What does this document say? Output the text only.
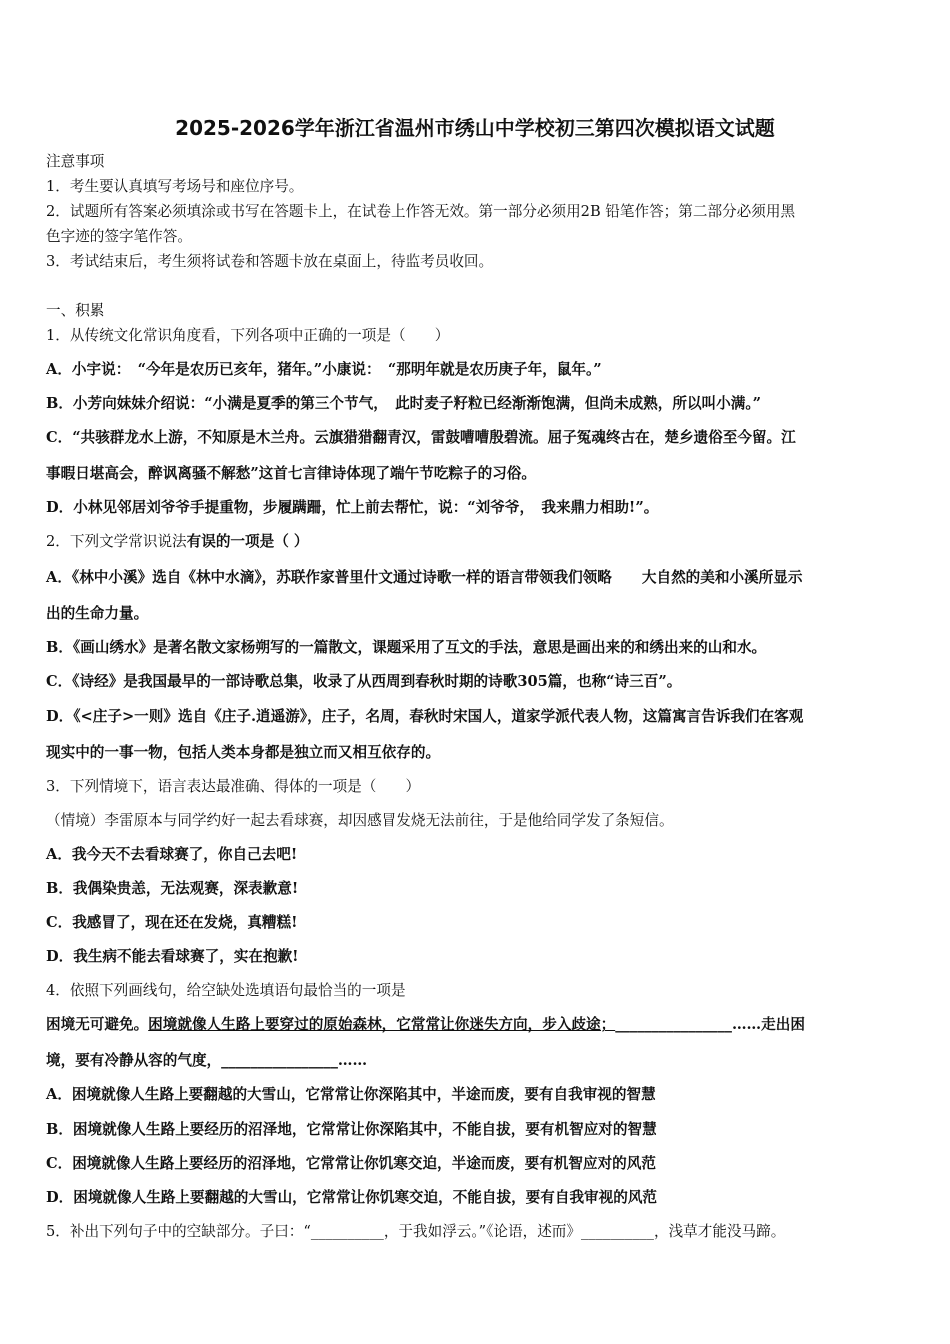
2025-2026学年浙江省温州市绣山中学校初三第四次模拟语文试题
注意事项
1．考生要认真填写考场号和座位序号。
2．试题所有答案必须填涂或书写在答题卡上，在试卷上作答无效。第一部分必须用2B 铅笔作答；第二部分必须用黑
色字迹的签字笔作答。
3．考试结束后，考生须将试卷和答题卡放在桌面上，待监考员收回。
一、积累
1．从传统文化常识角度看，下列各项中正确的一项是（　　）
A．小宇说：　“今年是农历已亥年，猪年。”小康说：　“那明年就是农历庚子年，鼠年。”
B．小芳向妹妹介绍说：“小满是夏季的第三个节气，　此时麦子籽粒已经渐渐饱满，但尚未成熟，所以叫小满。”
C．“共骇群龙水上游，不知原是木兰舟。云旗猎猎翻青汉，雷鼓嘈嘈殷碧流。屈子冤魂终古在，楚乡遗俗至今留。江
事暇日堪高会，醉讽离骚不解愁”这首七言律诗体现了端午节吃粽子的习俗。
D．小林见邻居刘爷爷手提重物，步履蹒跚，忙上前去帮忙，说：“刘爷爷，　我来鼎力相助!”。
2．下列文学常识说法有误的一项是（ ）
A．《林中小溪》选自《林中水滴》，苏联作家普里什文通过诗歌一样的语言带领我们领略 大自然的美和小溪所显示
出的生命力量。
B．《画山绣水》是著名散文家杨朔写的一篇散文，课题采用了互文的手法，意思是画出来的和绣出来的山和水。
C．《诗经》是我国最早的一部诗歌总集，收录了从西周到春秋时期的诗歌305篇，也称“诗三百”。
D．《<庄子>一则》选自《庄子.逍遥游》，庄子，名周，春秋时宋国人，道家学派代表人物，这篇寓言告诉我们在客观
现实中的一事一物，包括人类本身都是独立而又相互依存的。
3．下列情境下，语言表达最准确、得体的一项是（　　）
（情境）李雷原本与同学约好一起去看球赛，却因感冒发烧无法前往，于是他给同学发了条短信。
A．我今天不去看球赛了，你自己去吧!
B．我偶染贵恙，无法观赛，深表歉意!
C．我感冒了，现在还在发烧，真糟糕!
D．我生病不能去看球赛了，实在抱歉!
4．依照下列画线句，给空缺处选填语句最恰当的一项是
困境无可避免。困境就像人生路上要穿过的原始森林，它常常让你迷失方向，步入歧途；________________……走出困
境，要有冷静从容的气度，________________……
A．困境就像人生路上要翻越的大雪山，它常常让你深陷其中，半途而废，要有自我审视的智慧
B．困境就像人生路上要经历的沼泽地，它常常让你深陷其中，不能自拔，要有机智应对的智慧
C．困境就像人生路上要经历的沼泽地，它常常让你饥寒交迫，半途而废，要有机智应对的风范
D．困境就像人生路上要翻越的大雪山，它常常让你饥寒交迫，不能自拔，要有自我审视的风范
5．补出下列句子中的空缺部分。子曰：“__________，于我如浮云。”《论语，述而》__________，浅草才能没马蹄。
